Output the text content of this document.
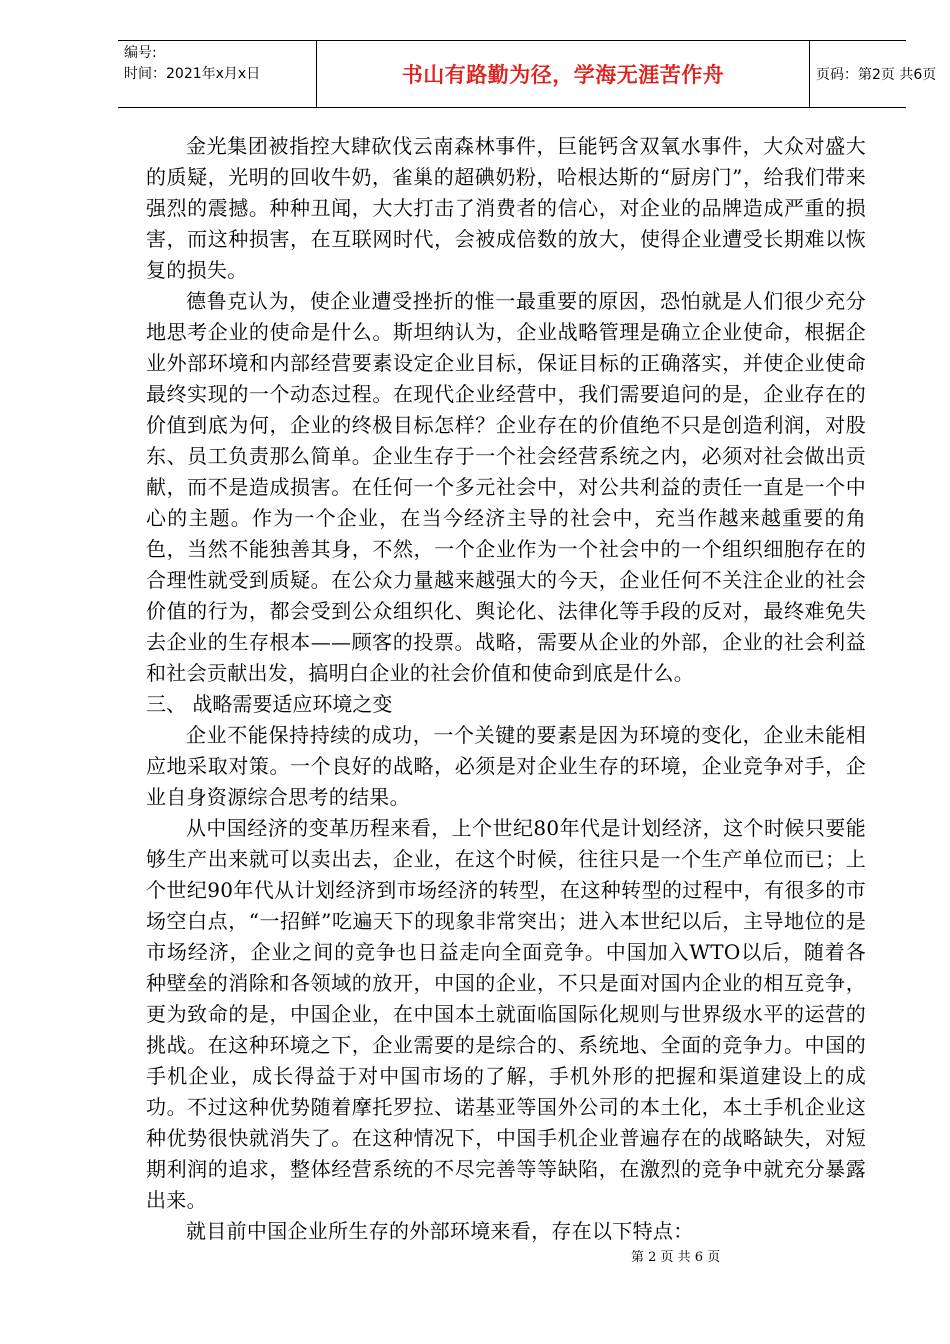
编号:
时间：2021年x月x日	书山有路勤为径，学海无涯苦作舟	页码：第2页 共6页

金光集团被指控大肆砍伐云南森林事件，巨能钙含双氧水事件，大众对盛大的质疑，光明的回收牛奶，雀巢的超碘奶粉，哈根达斯的“厨房门”，给我们带来强烈的震撼。种种丑闻，大大打击了消费者的信心，对企业的品牌造成严重的损害，而这种损害，在互联网时代，会被成倍数的放大，使得企业遭受长期难以恢复的损失。

德鲁克认为，使企业遭受挫折的惟一最重要的原因，恐怕就是人们很少充分地思考企业的使命是什么。斯坦纳认为，企业战略管理是确立企业使命，根据企业外部环境和内部经营要素设定企业目标，保证目标的正确落实，并使企业使命最终实现的一个动态过程。在现代企业经营中，我们需要追问的是，企业存在的价值到底为何，企业的终极目标怎样？企业存在的价值绝不只是创造利润，对股东、员工负责那么简单。企业生存于一个社会经营系统之内，必须对社会做出贡献，而不是造成损害。在任何一个多元社会中，对公共利益的责任一直是一个中心的主题。作为一个企业，在当今经济主导的社会中，充当作越来越重要的角色，当然不能独善其身，不然，一个企业作为一个社会中的一个组织细胞存在的合理性就受到质疑。在公众力量越来越强大的今天，企业任何不关注企业的社会价值的行为，都会受到公众组织化、舆论化、法律化等手段的反对，最终难免失去企业的生存根本——顾客的投票。战略，需要从企业的外部，企业的社会利益和社会贡献出发，搞明白企业的社会价值和使命到底是什么。

三、 战略需要适应环境之变

企业不能保持持续的成功，一个关键的要素是因为环境的变化，企业未能相应地采取对策。一个良好的战略，必须是对企业生存的环境，企业竞争对手，企业自身资源综合思考的结果。

从中国经济的变革历程来看，上个世纪80年代是计划经济，这个时候只要能够生产出来就可以卖出去，企业，在这个时候，往往只是一个生产单位而已；上个世纪90年代从计划经济到市场经济的转型，在这种转型的过程中，有很多的市场空白点，“一招鲜”吃遍天下的现象非常突出；进入本世纪以后，主导地位的是市场经济，企业之间的竞争也日益走向全面竞争。中国加入WTO以后，随着各种壁垒的消除和各领域的放开，中国的企业，不只是面对国内企业的相互竞争，更为致命的是，中国企业，在中国本土就面临国际化规则与世界级水平的运营的挑战。在这种环境之下，企业需要的是综合的、系统地、全面的竞争力。中国的手机企业，成长得益于对中国市场的了解，手机外形的把握和渠道建设上的成功。不过这种优势随着摩托罗拉、诺基亚等国外公司的本土化，本土手机企业这种优势很快就消失了。在这种情况下，中国手机企业普遍存在的战略缺失，对短期利润的追求，整体经营系统的不尽完善等等缺陷，在激烈的竞争中就充分暴露出来。

就目前中国企业所生存的外部环境来看，存在以下特点：

第 2 页 共 6 页
